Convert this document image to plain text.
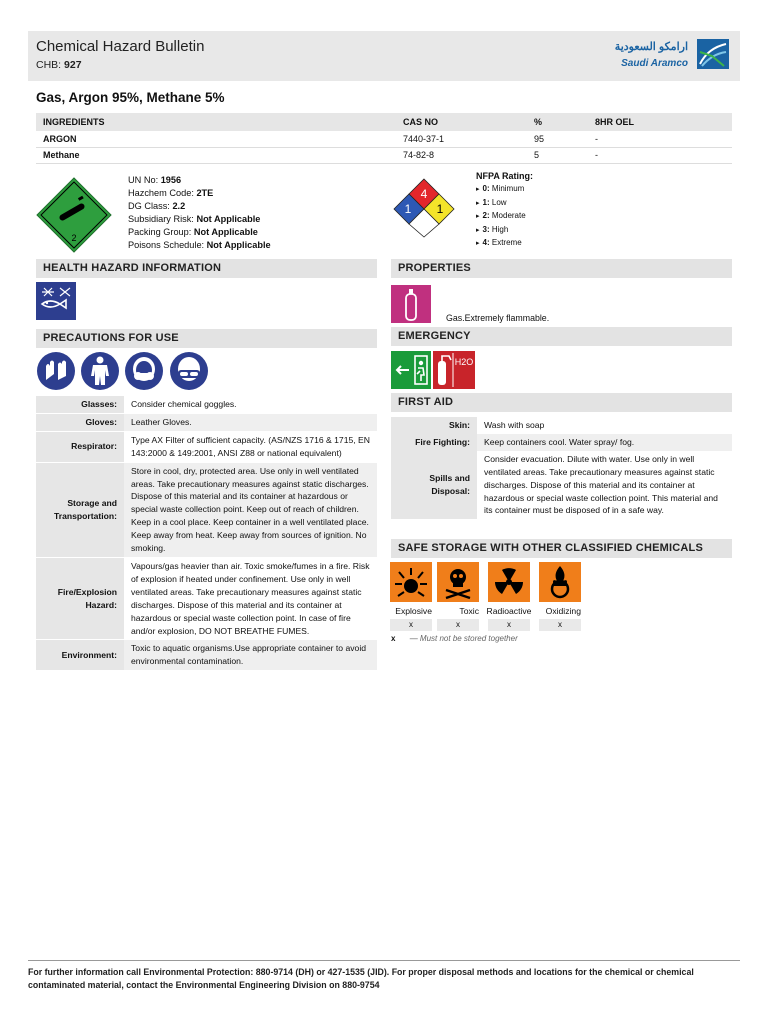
Chemical Hazard Bulletin
CHB: 927
ارامكو السعودية
Saudi Aramco
Gas, Argon 95%, Methane 5%
INGREDIENTS	CAS NO	%	8HR OEL
ARGON	7440-37-1	95	-
Methane	74-82-8	5	-
2
UN No: 1956
Hazchem Code: 2TE
DG Class: 2.2
Subsidiary Risk: Not Applicable
Packing Group: Not Applicable
Poisons Schedule: Not Applicable
4
1 1
NFPA Rating:
▸ 0: Minimum
▸ 1: Low
▸ 2: Moderate
▸ 3: High
▸ 4: Extreme
HEALTH HAZARD INFORMATION	PROPERTIES
PRECAUTIONS FOR USE	EMERGENCY
FIRST AID
SAFE STORAGE WITH OTHER CLASSIFIED CHEMICALS
Gas.Extremely flammable.
H2O
Glasses:	Consider chemical goggles.
Gloves:	Leather Gloves.
Respirator:	Type AX Filter of sufficient capacity. (AS/NZS 1716 & 1715, EN 143:2000 & 149:2001, ANSI Z88 or national equivalent)
Storage and Transportation:	Store in cool, dry, protected area. Use only in well ventilated areas. Take precautionary measures against static discharges. Dispose of this material and its container at hazardous or special waste collection point. Keep out of reach of children. Keep in a cool place. Keep container in a well ventilated place. Keep away from heat. Keep away from sources of ignition. No smoking.
Fire/Explosion Hazard:	Vapours/gas heavier than air. Toxic smoke/fumes in a fire. Risk of explosion if heated under confinement. Use only in well ventilated areas. Take precautionary measures against static discharges. Dispose of this material and its container at hazardous or special waste collection point. In case of fire and/or explosion, DO NOT BREATHE FUMES.
Environment:	Toxic to aquatic organisms.Use appropriate container to avoid environmental contamination.
Skin:	Wash with soap
Fire Fighting:	Keep containers cool. Water spray/ fog.
Spills and Disposal:	Consider evacuation. Dilute with water. Use only in well ventilated areas. Take precautionary measures against static discharges. Dispose of this material and its container at hazardous or special waste collection point. This material and its container must be disposed of in a safe way.
Explosive
x
Toxic
x
Radioactive
x
Oxidizing
x
x — Must not be stored together
For further information call Environmental Protection: 880-9714 (DH) or 427-1535 (JID). For proper disposal methods and locations for the chemical or chemical contaminated material, contact the Environmental Engineering Division on 880-9754
